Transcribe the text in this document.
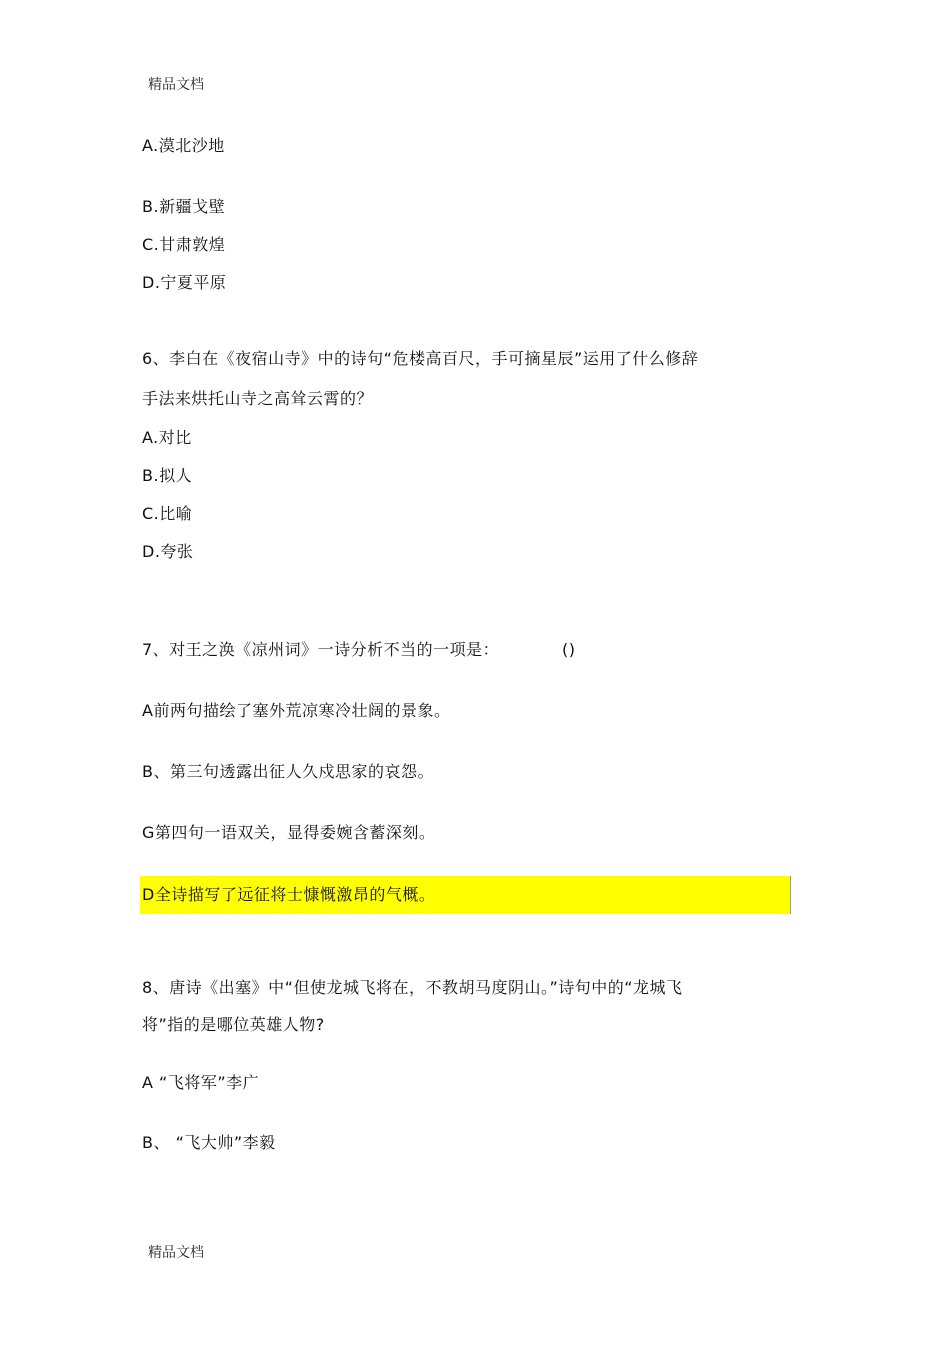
精品文档
A.漠北沙地
B.新疆戈壁
C.甘肃敦煌
D.宁夏平原
6、李白在《夜宿山寺》中的诗句“危楼高百尺，手可摘星辰”运用了什么修辞
手法来烘托山寺之高耸云霄的？
A.对比
B.拟人
C.比喻
D.夸张
7、对王之涣《凉州词》一诗分析不当的一项是：	()
A前两句描绘了塞外荒凉寒冷壮阔的景象。
B、第三句透露出征人久戍思家的哀怨。
G第四句一语双关，显得委婉含蓄深刻。
D全诗描写了远征将士慷慨激昂的气概。
8、唐诗《出塞》中“但使龙城飞将在，不教胡马度阴山。”诗句中的“龙城飞
将”指的是哪位英雄人物?
A “飞将军”李广
B、 “飞大帅”李毅
精品文档
